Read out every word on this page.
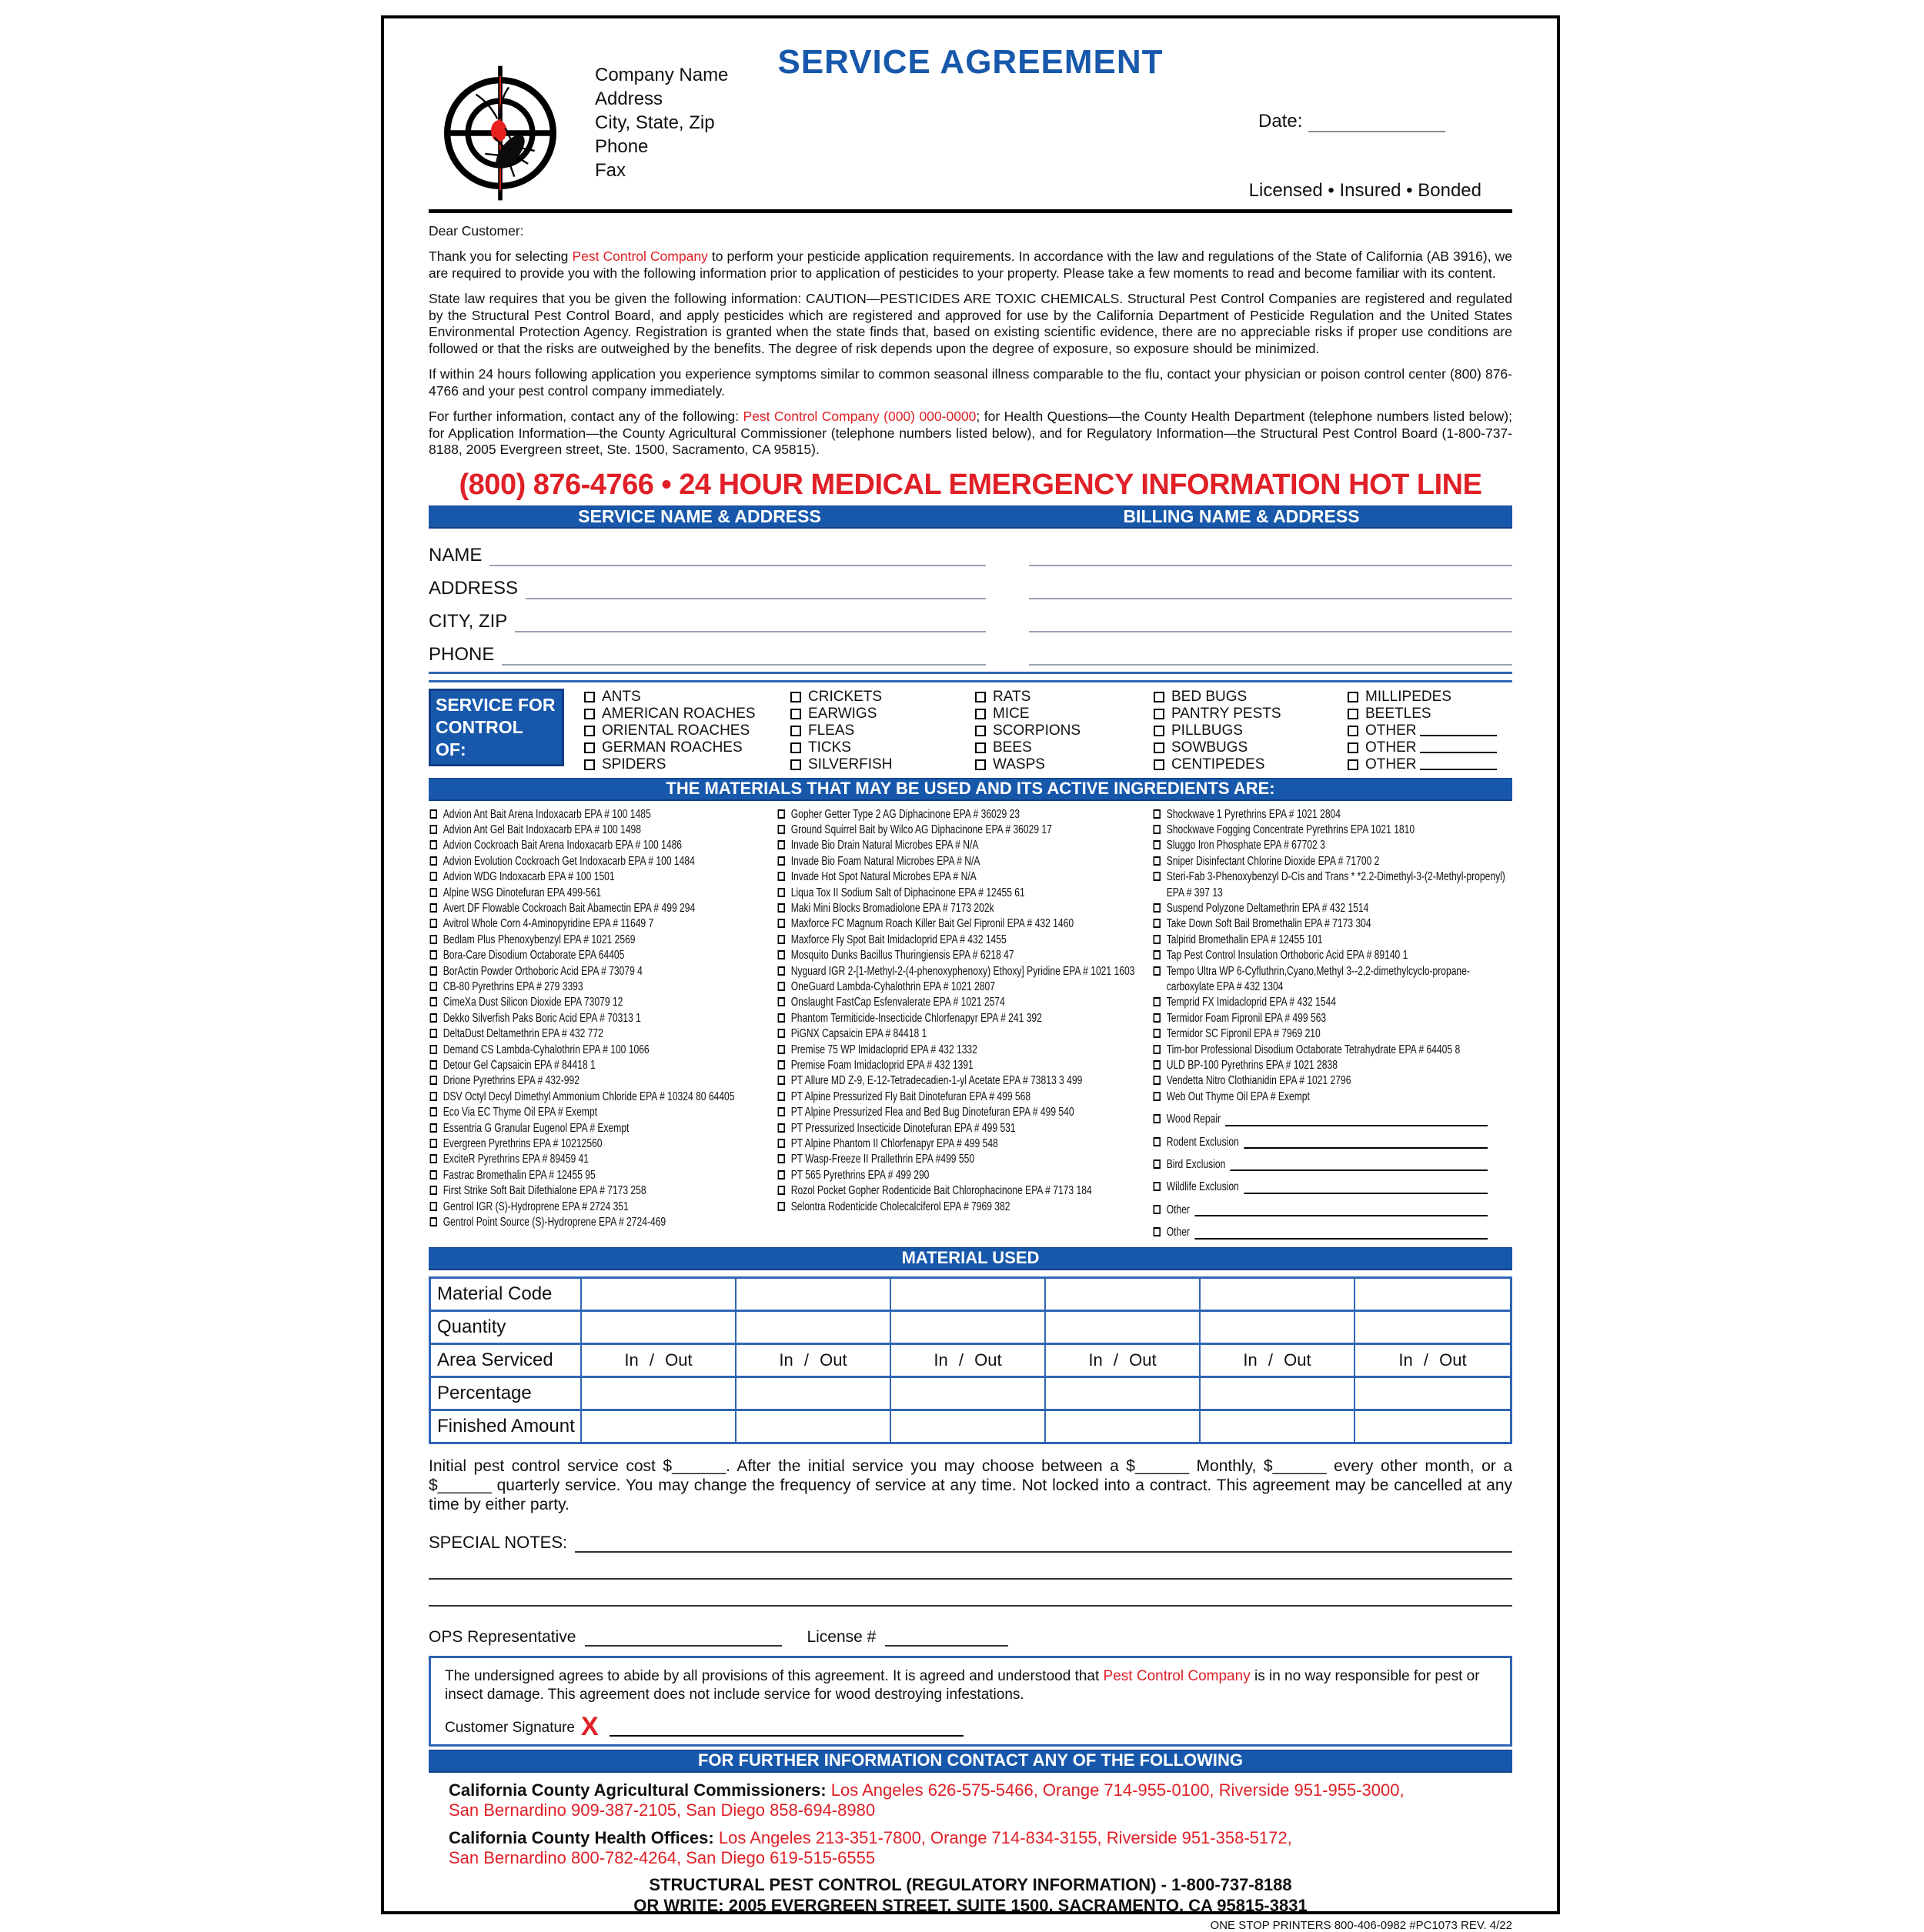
SERVICE AGREEMENT
Company Name
Address
City, State, Zip
Phone
Fax
Date:
Licensed • Insured • Bonded

Dear Customer:

Thank you for selecting Pest Control Company to perform your pesticide application requirements. In accordance with the law and regulations of the State of California (AB 3916), we are required to provide you with the following information prior to application of pesticides to your property. Please take a few moments to read and become familiar with its content.

State law requires that you be given the following information: CAUTION—PESTICIDES ARE TOXIC CHEMICALS. Structural Pest Control Companies are registered and regulated by the Structural Pest Control Board, and apply pesticides which are registered and approved for use by the California Department of Pesticide Regulation and the United States Environmental Protection Agency. Registration is granted when the state finds that, based on existing scientific evidence, there are no appreciable risks if proper use conditions are followed or that the risks are outweighed by the benefits. The degree of risk depends upon the degree of exposure, so exposure should be minimized.

If within 24 hours following application you experience symptoms similar to common seasonal illness comparable to the flu, contact your physician or poison control center (800) 876-4766 and your pest control company immediately.

For further information, contact any of the following: Pest Control Company (000) 000-0000; for Health Questions—the County Health Department (telephone numbers listed below); for Application Information—the County Agricultural Commissioner (telephone numbers listed below), and for Regulatory Information—the Structural Pest Control Board (1-800-737-8188, 2005 Evergreen street, Ste. 1500, Sacramento, CA 95815).

(800) 876-4766 • 24 HOUR MEDICAL EMERGENCY INFORMATION HOT LINE
SERVICE NAME & ADDRESS	BILLING NAME & ADDRESS
NAME
ADDRESS
CITY, ZIP
PHONE
SERVICE FOR
CONTROL OF:
ANTS
AMERICAN ROACHES
ORIENTAL ROACHES
GERMAN ROACHES
SPIDERS
CRICKETS
EARWIGS
FLEAS
TICKS
SILVERFISH
RATS
MICE
SCORPIONS
BEES
WASPS
BED BUGS
PANTRY PESTS
PILLBUGS
SOWBUGS
CENTIPEDES
MILLIPEDES
BEETLES
OTHER
OTHER
OTHER
THE MATERIALS THAT MAY BE USED AND ITS ACTIVE INGREDIENTS ARE:
Advion Ant Bait Arena Indoxacarb EPA # 100 1485
Advion Ant Gel Bait Indoxacarb EPA # 100 1498
Advion Cockroach Bait Arena Indoxacarb EPA # 100 1486
Advion Evolution Cockroach Get Indoxacarb EPA # 100 1484
Advion WDG Indoxacarb EPA # 100 1501
Alpine WSG Dinotefuran EPA 499-561
Avert DF Flowable Cockroach Bait Abamectin EPA # 499 294
Avitrol Whole Corn 4-Aminopyridine EPA # 11649 7
Bedlam Plus Phenoxybenzyl EPA # 1021 2569
Bora-Care Disodium Octaborate EPA 64405
BorActin Powder Orthoboric Acid EPA # 73079 4
CB-80 Pyrethrins EPA # 279 3393
CimeXa Dust Silicon Dioxide EPA 73079 12
Dekko Silverfish Paks Boric Acid EPA # 70313 1
DeltaDust Deltamethrin EPA # 432 772
Demand CS Lambda-Cyhalothrin EPA # 100 1066
Detour Gel Capsaicin EPA # 84418 1
Drione Pyrethrins EPA # 432-992
DSV Octyl Decyl Dimethyl Ammonium Chloride EPA # 10324 80 64405
Eco Via EC Thyme Oil EPA # Exempt
Essentria G Granular Eugenol EPA # Exempt
Evergreen Pyrethrins EPA # 10212560
ExciteR Pyrethrins EPA # 89459 41
Fastrac Bromethalin EPA # 12455 95
First Strike Soft Bait Difethialone EPA # 7173 258
Gentrol IGR (S)-Hydroprene EPA # 2724 351
Gentrol Point Source (S)-Hydroprene EPA # 2724-469
Gopher Getter Type 2 AG Diphacinone EPA # 36029 23
Ground Squirrel Bait by Wilco AG Diphacinone EPA # 36029 17
Invade Bio Drain Natural Microbes EPA # N/A
Invade Bio Foam Natural Microbes EPA # N/A
Invade Hot Spot Natural Microbes EPA # N/A
Liqua Tox II Sodium Salt of Diphacinone EPA # 12455 61
Maki Mini Blocks Bromadiolone EPA # 7173 202k
Maxforce FC Magnum Roach Killer Bait Gel Fipronil EPA # 432 1460
Maxforce Fly Spot Bait Imidacloprid EPA # 432 1455
Mosquito Dunks Bacillus Thuringiensis EPA # 6218 47
Nyguard IGR 2-[1-Methyl-2-(4-phenoxyphenoxy) Ethoxy] Pyridine EPA # 1021 1603
OneGuard Lambda-Cyhalothrin EPA # 1021 2807
Onslaught FastCap Esfenvalerate EPA # 1021 2574
Phantom Termiticide-Insecticide Chlorfenapyr EPA # 241 392
PiGNX Capsaicin EPA # 84418 1
Premise 75 WP Imidacloprid EPA # 432 1332
Premise Foam Imidacloprid EPA # 432 1391
PT Allure MD Z-9, E-12-Tetradecadien-1-yl Acetate EPA # 73813 3 499
PT Alpine Pressurized Fly Bait Dinotefuran EPA # 499 568
PT Alpine Pressurized Flea and Bed Bug Dinotefuran EPA # 499 540
PT Pressurized Insecticide Dinotefuran EPA # 499 531
PT Alpine Phantom II Chlorfenapyr EPA # 499 548
PT Wasp-Freeze II Prallethrin EPA #499 550
PT 565 Pyrethrins EPA # 499 290
Rozol Pocket Gopher Rodenticide Bait Chlorophacinone EPA # 7173 184
Selontra Rodenticide Cholecalciferol EPA # 7969 382
Shockwave 1 Pyrethrins EPA # 1021 2804
Shockwave Fogging Concentrate Pyrethrins EPA 1021 1810
Sluggo Iron Phosphate EPA # 67702 3
Sniper Disinfectant Chlorine Dioxide EPA # 71700 2
Steri-Fab 3-Phenoxybenzyl D-Cis and Trans * *2.2-Dimethyl-3-(2-Methyl-propenyl) EPA # 397 13
Suspend Polyzone Deltamethrin EPA # 432 1514
Take Down Soft Bail Bromethalin EPA # 7173 304
Talpirid Bromethalin EPA # 12455 101
Tap Pest Control Insulation Orthoboric Acid EPA # 89140 1
Tempo Ultra WP 6-Cyfluthrin,Cyano,Methyl 3--2,2-dimethylcyclo-propane-carboxylate EPA # 432 1304
Temprid FX Imidacloprid EPA # 432 1544
Termidor Foam Fipronil EPA # 499 563
Termidor SC Fipronil EPA # 7969 210
Tim-bor Professional Disodium Octaborate Tetrahydrate EPA # 64405 8
ULD BP-100 Pyrethrins EPA # 1021 2838
Vendetta Nitro Clothianidin EPA # 1021 2796
Web Out Thyme Oil EPA # Exempt
Wood Repair
Rodent Exclusion
Bird Exclusion
Wildlife Exclusion
Other
Other
MATERIAL USED
Material Code
Quantity
Area Serviced	In / Out	In / Out	In / Out	In / Out	In / Out	In / Out
Percentage
Finished Amount

Initial pest control service cost $______. After the initial service you may choose between a $______ Monthly, $______ every other month, or a $______ quarterly service. You may change the frequency of service at any time. Not locked into a contract. This agreement may be cancelled at any time by either party.

SPECIAL NOTES:
OPS Representative	License #

The undersigned agrees to abide by all provisions of this agreement. It is agreed and understood that Pest Control Company is in no way responsible for pest or insect damage. This agreement does not include service for wood destroying infestations.

Customer Signature X
FOR FURTHER INFORMATION CONTACT ANY OF THE FOLLOWING
California County Agricultural Commissioners: Los Angeles 626-575-5466, Orange 714-955-0100, Riverside 951-955-3000,
San Bernardino 909-387-2105, San Diego 858-694-8980
California County Health Offices: Los Angeles 213-351-7800, Orange 714-834-3155, Riverside 951-358-5172,
San Bernardino 800-782-4264, San Diego 619-515-6555
STRUCTURAL PEST CONTROL (REGULATORY INFORMATION) - 1-800-737-8188
OR WRITE: 2005 EVERGREEN STREET, SUITE 1500, SACRAMENTO, CA 95815-3831
ONE STOP PRINTERS 800-406-0982 #PC1073 REV. 4/22
